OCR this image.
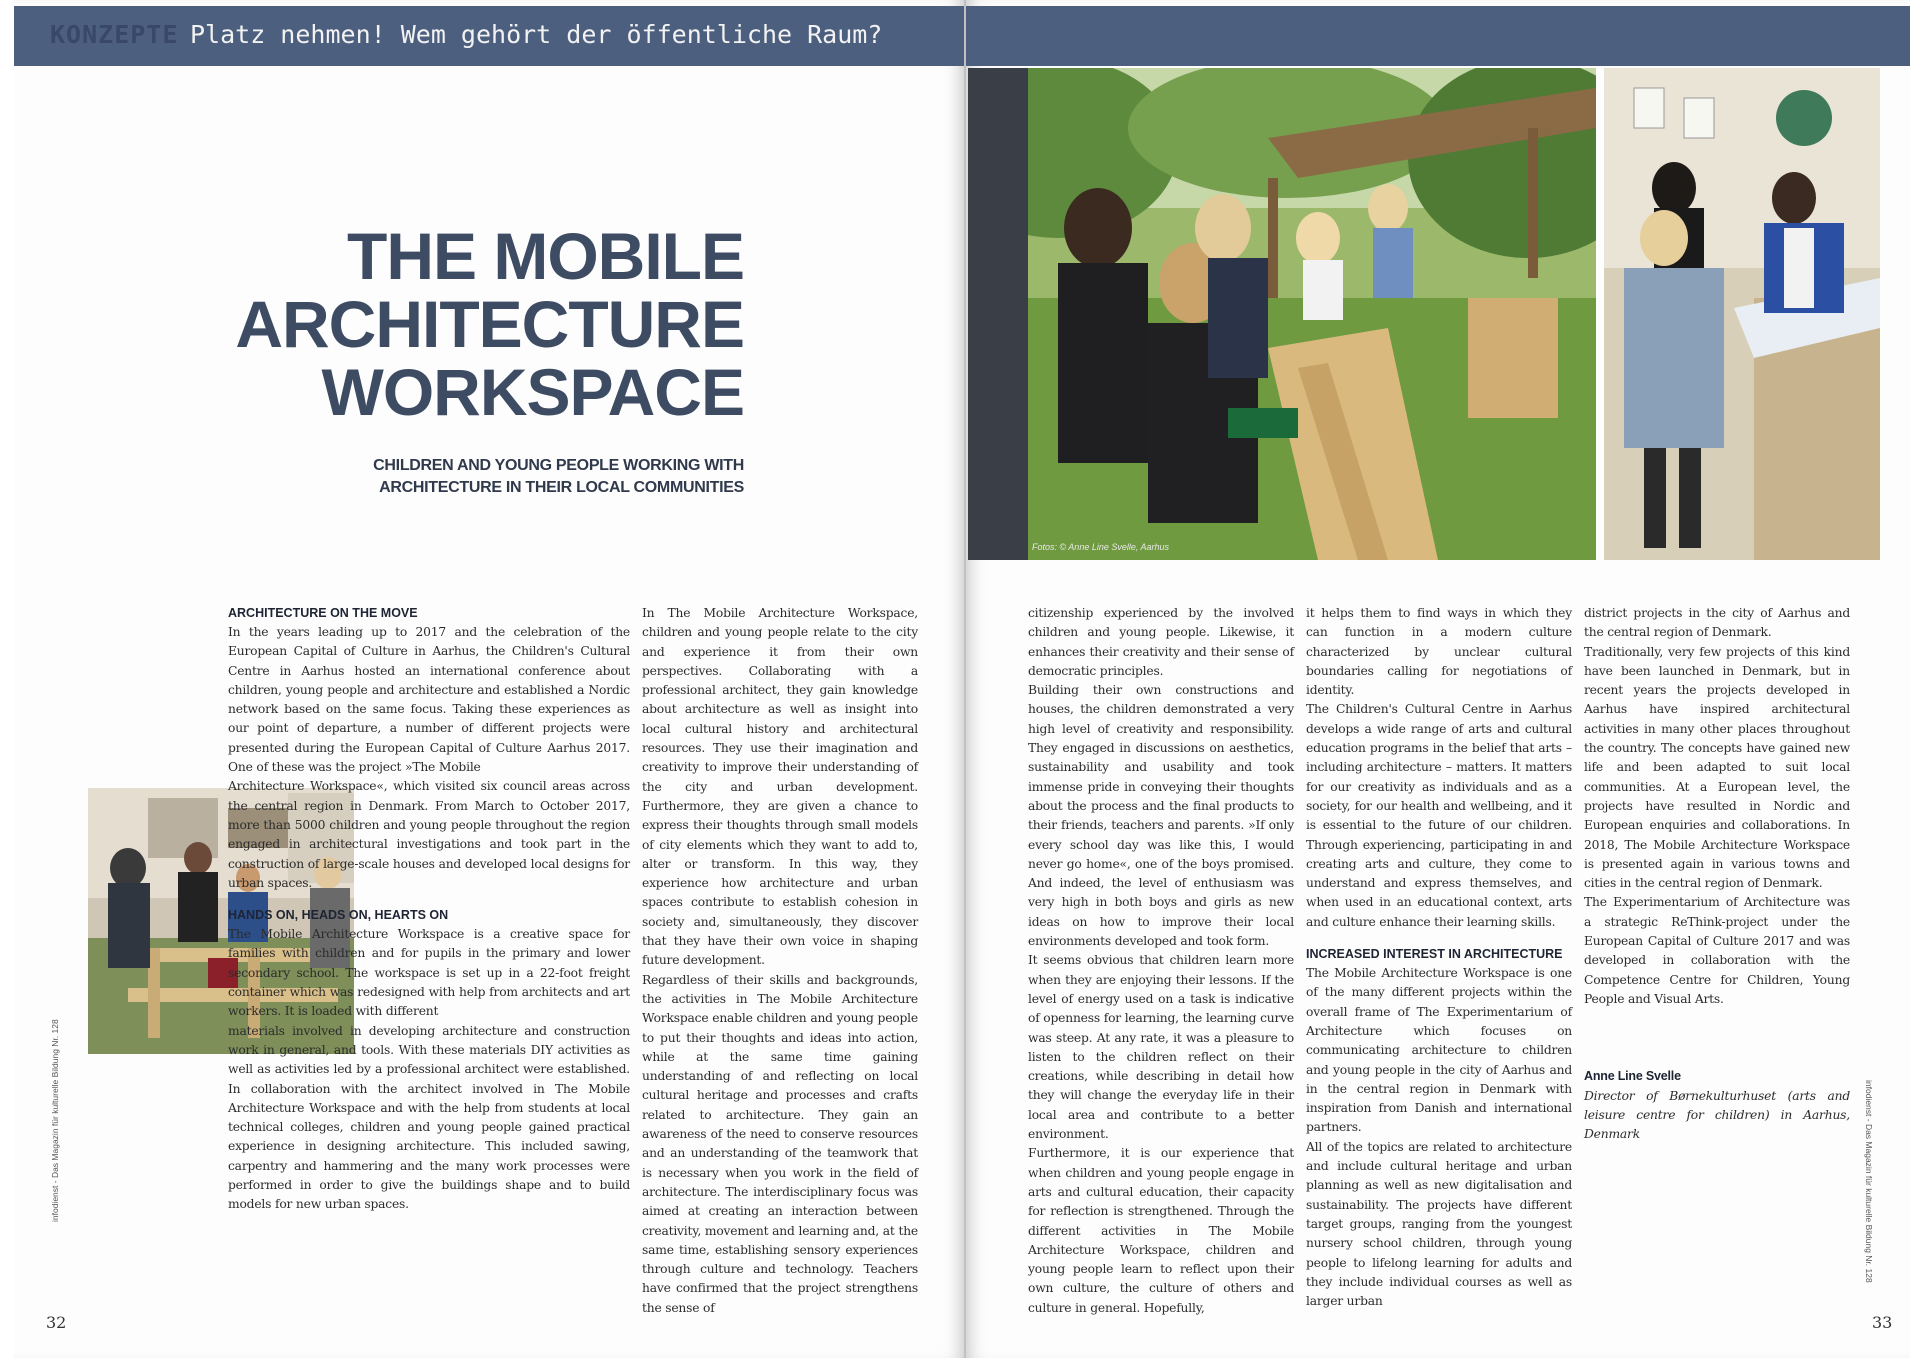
KONZEPTE Platz nehmen! Wem gehört der öffentliche Raum?
THE MOBILE
ARCHITECTURE
WORKSPACE
CHILDREN AND YOUNG PEOPLE WORKING WITH
ARCHITECTURE IN THEIR LOCAL COMMUNITIES
ARCHITECTURE ON THE MOVE

In the years leading up to 2017 and the celebration of the European Capital of Culture in Aarhus, the Children's Cultural Centre in Aarhus hosted an international conference about children, young people and architecture and established a Nordic network based on the same focus. Taking these experiences as our point of departure, a number of different projects were presented during the European Capital of Culture Aarhus 2017. One of these was the project »The Mobile

Architecture Workspace«, which visited six council areas across the central region in Denmark. From March to October 2017, more than 5000 children and young people throughout the region engaged in architectural investigations and took part in the construction of large-scale houses and developed local designs for urban spaces.

HANDS ON, HEADS ON, HEARTS ON

The Mobile Architecture Workspace is a creative space for families with children and for pupils in the primary and lower secondary school. The workspace is set up in a 22-foot freight container which was redesigned with help from architects and art workers. It is loaded with different

materials involved in developing architecture and construction work in general, and tools. With these materials DIY activities as well as activities led by a professional architect were established. In collaboration with the architect involved in The Mobile Architecture Workspace and with the help from students at local technical colleges, children and young people gained practical experience in designing architecture. This included sawing, carpentry and hammering and the many work processes were performed in order to give the buildings shape and to build models for new urban spaces.

In The Mobile Architecture Workspace, children and young people relate to the city and experience it from their own perspectives. Collaborating with a professional architect, they gain knowledge about architecture as well as insight into local cultural history and architectural resources. They use their imagination and creativity to improve their understanding of the city and urban development. Furthermore, they are given a chance to express their thoughts through small models of city elements which they want to add to, alter or transform. In this way, they experience how architecture and urban spaces contribute to establish cohesion in society and, simultaneously, they discover that they have their own voice in shaping future development.

Regardless of their skills and backgrounds, the activities in The Mobile Architecture Workspace enable children and young people to put their thoughts and ideas into action, while at the same time gaining understanding of and reflecting on local cultural heritage and processes and crafts related to architecture. They gain an awareness of the need to conserve resources and an understanding of the teamwork that is necessary when you work in the field of architecture. The interdisciplinary focus was aimed at creating an interaction between creativity, movement and learning and, at the same time, establishing sensory experiences through culture and technology. Teachers have confirmed that the project strengthens the sense of

infodienst - Das Magazin für kulturelle Bildung Nr. 128
32
Fotos: © Anne Line Svelle, Aarhus

citizenship experienced by the involved children and young people. Likewise, it enhances their creativity and their sense of democratic principles.

Building their own constructions and houses, the children demonstrated a very high level of creativity and responsibility. They engaged in discussions on aesthetics, sustainability and usability and took immense pride in conveying their thoughts about the process and the final products to their friends, teachers and parents. »If only every school day was like this, I would never go home«, one of the boys promised. And indeed, the level of enthusiasm was very high in both boys and girls as new ideas on how to improve their local environments developed and took form.

It seems obvious that children learn more when they are enjoying their lessons. If the level of energy used on a task is indicative of openness for learning, the learning curve was steep. At any rate, it was a pleasure to listen to the children reflect on their creations, while describing in detail how they will change the everyday life in their local area and contribute to a better environment.

Furthermore, it is our experience that when children and young people engage in arts and cultural education, their capacity for reflection is strengthened. Through the different activities in The Mobile Architecture Workspace, children and young people learn to reflect upon their own culture, the culture of others and culture in general. Hopefully,

it helps them to find ways in which they can function in a modern culture characterized by unclear cultural boundaries calling for negotiations of identity.

The Children's Cultural Centre in Aarhus develops a wide range of arts and cultural education programs in the belief that arts – including architecture – matters. It matters for our creativity as individuals and as a society, for our health and wellbeing, and it is essential to the future of our children. Through experiencing, participating in and creating arts and culture, they come to understand and express themselves, and when used in an educational context, arts and culture enhance their learning skills.

INCREASED INTEREST IN ARCHITECTURE

The Mobile Architecture Workspace is one of the many different projects within the overall frame of The Experimentarium of Architecture which focuses on communicating architecture to children and young people in the city of Aarhus and in the central region in Denmark with inspiration from Danish and international partners.

All of the topics are related to architecture and include cultural heritage and urban planning as well as new digitalisation and sustainability. The projects have different target groups, ranging from the youngest nursery school children, through young people to lifelong learning for adults and they include individual courses as well as larger urban

district projects in the city of Aarhus and the central region of Denmark.

Traditionally, very few projects of this kind have been launched in Denmark, but in recent years the projects developed in Aarhus have inspired architectural activities in many other places throughout the country. The concepts have gained new life and been adapted to suit local communities. At a European level, the projects have resulted in Nordic and European enquiries and collaborations. In 2018, The Mobile Architecture Workspace is presented again in various towns and cities in the central region of Denmark.

The Experimentarium of Architecture was a strategic ReThink-project under the European Capital of Culture 2017 and was developed in collaboration with the Competence Centre for Children, Young People and Visual Arts.

Anne Line Svelle
Director of Børnekulturhuset (arts and leisure centre for children) in Aarhus, Denmark	infodienst - Das Magazin für kulturelle Bildung Nr. 128
33
